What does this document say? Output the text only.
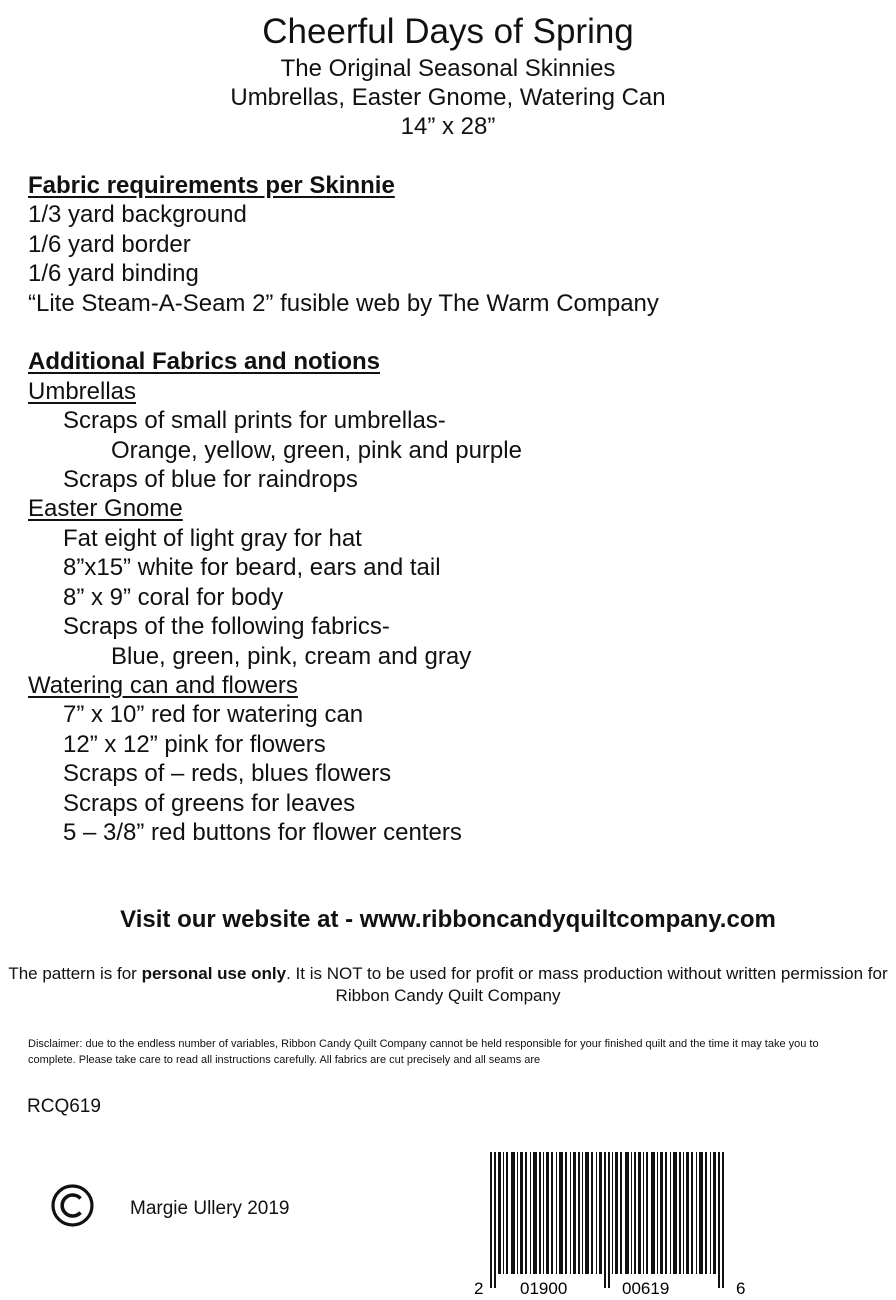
Cheerful Days of Spring
The Original Seasonal Skinnies
Umbrellas, Easter Gnome, Watering Can
14” x 28”
Fabric requirements per Skinnie
1/3 yard background
1/6 yard border
1/6 yard binding
“Lite Steam-A-Seam 2” fusible web by The Warm Company
Additional Fabrics and notions
Umbrellas
Scraps of small prints for umbrellas-
Orange, yellow, green, pink and purple
Scraps of blue for raindrops
Easter Gnome
Fat eight of light gray for hat
8”x15” white for beard, ears and tail
8” x 9” coral for body
Scraps of the following fabrics-
Blue, green, pink, cream and gray
Watering can and flowers
7” x 10” red for watering can
12” x 12” pink for flowers
Scraps of – reds, blues flowers
Scraps of greens for leaves
5 – 3/8” red buttons for flower centers
Visit our website at - www.ribboncandyquiltcompany.com
The pattern is for personal use only. It is NOT to be used for profit or mass production without written permission for Ribbon Candy Quilt Company
Disclaimer: due to the endless number of variables, Ribbon Candy Quilt Company cannot be held responsible for your finished quilt and the time it may take you to complete. Please take care to read all instructions carefully. All fabrics are cut precisely and all seams are
RCQ619
Margie Ullery 2019
2 01900	00619	6
